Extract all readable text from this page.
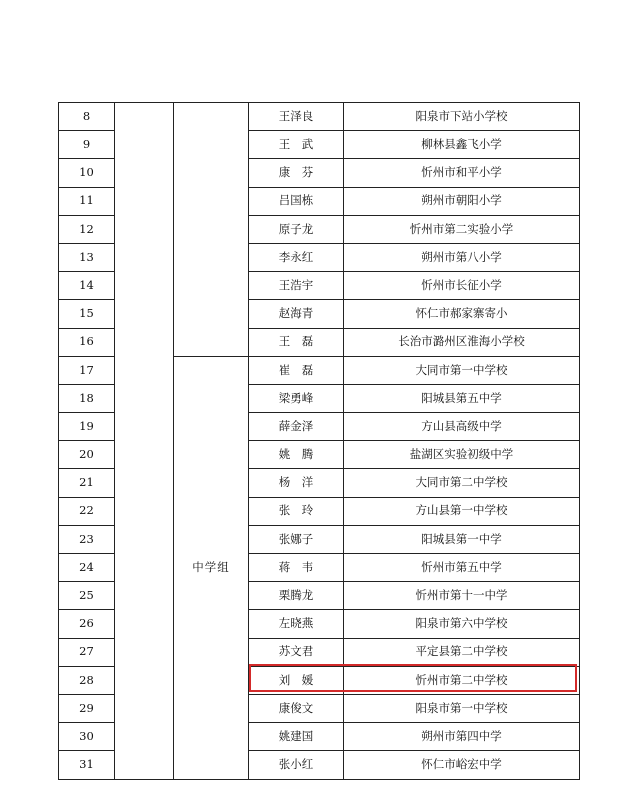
8			王泽良	阳泉市下站小学校
9			王　武	柳林县鑫飞小学
10			康　芬	忻州市和平小学
11			吕国栋	朔州市朝阳小学
12			原子龙	忻州市第二实验小学
13			李永红	朔州市第八小学
14			王浩宇	忻州市长征小学
15			赵海青	怀仁市郝家寨寄小
16			王　磊	长治市潞州区淮海小学校
17		中学组	崔　磊	大同市第一中学校
18			梁勇峰	阳城县第五中学
19			薛金泽	方山县高级中学
20			姚　腾	盐湖区实验初级中学
21			杨　洋	大同市第二中学校
22			张　玲	方山县第一中学校
23			张娜子	阳城县第一中学
24			蒋　韦	忻州市第五中学
25			栗腾龙	忻州市第十一中学
26			左晓燕	阳泉市第六中学校
27			苏文君	平定县第二中学校
28			刘　媛	忻州市第二中学校
29			康俊文	阳泉市第一中学校
30			姚建国	朔州市第四中学
31			张小红	怀仁市峪宏中学
